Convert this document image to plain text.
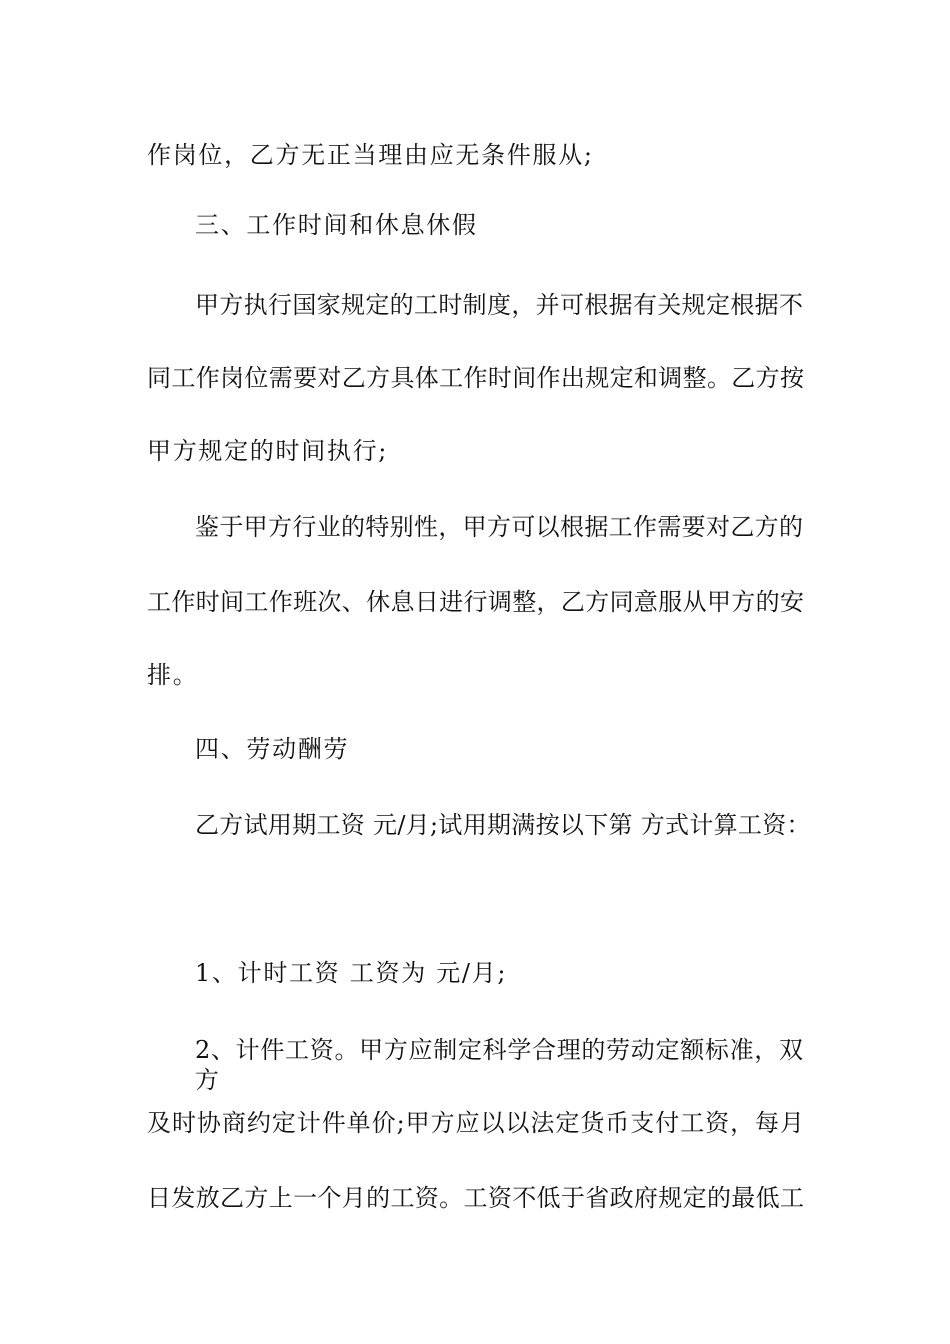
作岗位，乙方无正当理由应无条件服从;
三、工作时间和休息休假
甲方执行国家规定的工时制度，并可根据有关规定根据不
同工作岗位需要对乙方具体工作时间作出规定和调整。乙方按
甲方规定的时间执行;
鉴于甲方行业的特别性，甲方可以根据工作需要对乙方的
工作时间工作班次、休息日进行调整，乙方同意服从甲方的安
排。
四、劳动酬劳
乙方试用期工资 元/月;试用期满按以下第 方式计算工资：
1、计时工资 工资为 元/月;
2、计件工资。甲方应制定科学合理的劳动定额标准，双方
及时协商约定计件单价;甲方应以以法定货币支付工资，每月
日发放乙方上一个月的工资。工资不低于省政府规定的最低工
